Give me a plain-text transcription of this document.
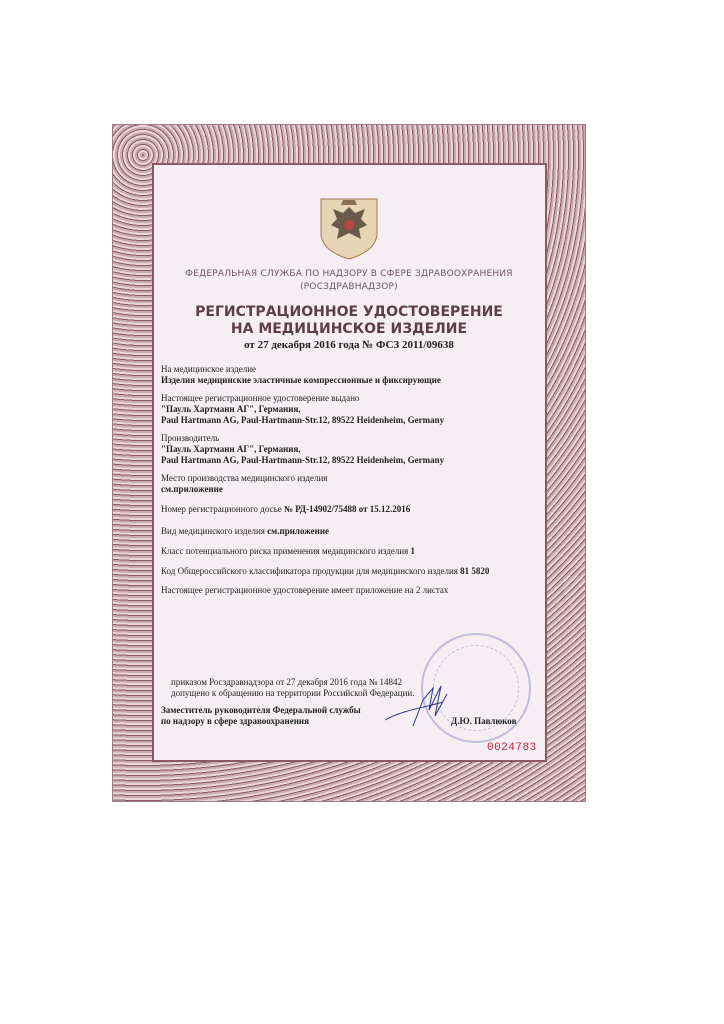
ФЕДЕРАЛЬНАЯ СЛУЖБА ПО НАДЗОРУ В СФЕРЕ ЗДРАВООХРАНЕНИЯ
(РОСЗДРАВНАДЗОР)
РЕГИСТРАЦИОННОЕ УДОСТОВЕРЕНИЕ
НА МЕДИЦИНСКОЕ ИЗДЕЛИЕ
от 27 декабря 2016 года № ФСЗ 2011/09638
На медицинское изделие
Изделия медицинские эластичные компрессионные и фиксирующие
Настоящее регистрационное удостоверение выдано
"Пауль Хартманн АГ", Германия,
Paul Hartmann AG, Paul-Hartmann-Str.12, 89522 Heidenheim, Germany
Производитель
"Пауль Хартманн АГ", Германия,
Paul Hartmann AG, Paul-Hartmann-Str.12, 89522 Heidenheim, Germany
Место производства медицинского изделия
см.приложение
Номер регистрационного досье № РД-14902/75488 от 15.12.2016
Вид медицинского изделия см.приложение
Класс потенциального риска применения медицинского изделия 1
Код Общероссийского классификатора продукции для медицинского изделия 81 5820
Настоящее регистрационное удостоверение имеет приложение на 2 листах
приказом Росздравнадзора от 27 декабря 2016 года № 14842
допущено к обращению на территории Российской Федерации.
Заместитель руководителя Федеральной службы
по надзору в сфере здравоохранения	Д.Ю. Павлюков
0024783
